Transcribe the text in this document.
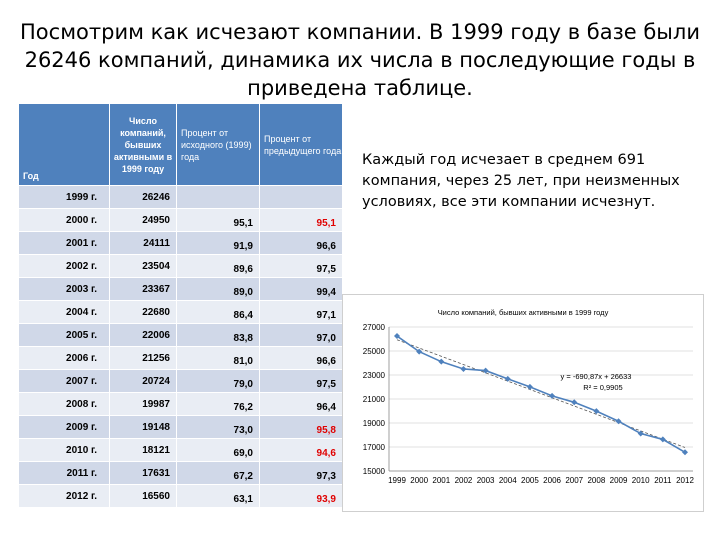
Посмотрим как исчезают компании. В 1999 году в базе были 26246 компаний, динамика их числа в последующие годы в приведена таблице.
Год	Число компаний, бывших активными в 1999 году	Процент от исходного (1999) года	Процент от предыдущего года
1999 г.	26246		
2000 г.	24950	95,1	95,1
2001 г.	24111	91,9	96,6
2002 г.	23504	89,6	97,5
2003 г.	23367	89,0	99,4
2004 г.	22680	86,4	97,1
2005 г.	22006	83,8	97,0
2006 г.	21256	81,0	96,6
2007 г.	20724	79,0	97,5
2008 г.	19987	76,2	96,4
2009 г.	19148	73,0	95,8
2010 г.	18121	69,0	94,6
2011 г.	17631	67,2	97,3
2012 г.	16560	63,1	93,9
Каждый год исчезает в среднем 691 компания, через 25 лет, при неизменных условиях, все эти компании исчезнут.
Число компаний, бывших активными в 1999 году
15000
17000
19000
21000
23000
25000
27000
1999 2000 2001 2002 2003 2004 2005 2006 2007 2008 2009 2010 2011 2012
y = -690,87x + 26633
R² = 0,9905
